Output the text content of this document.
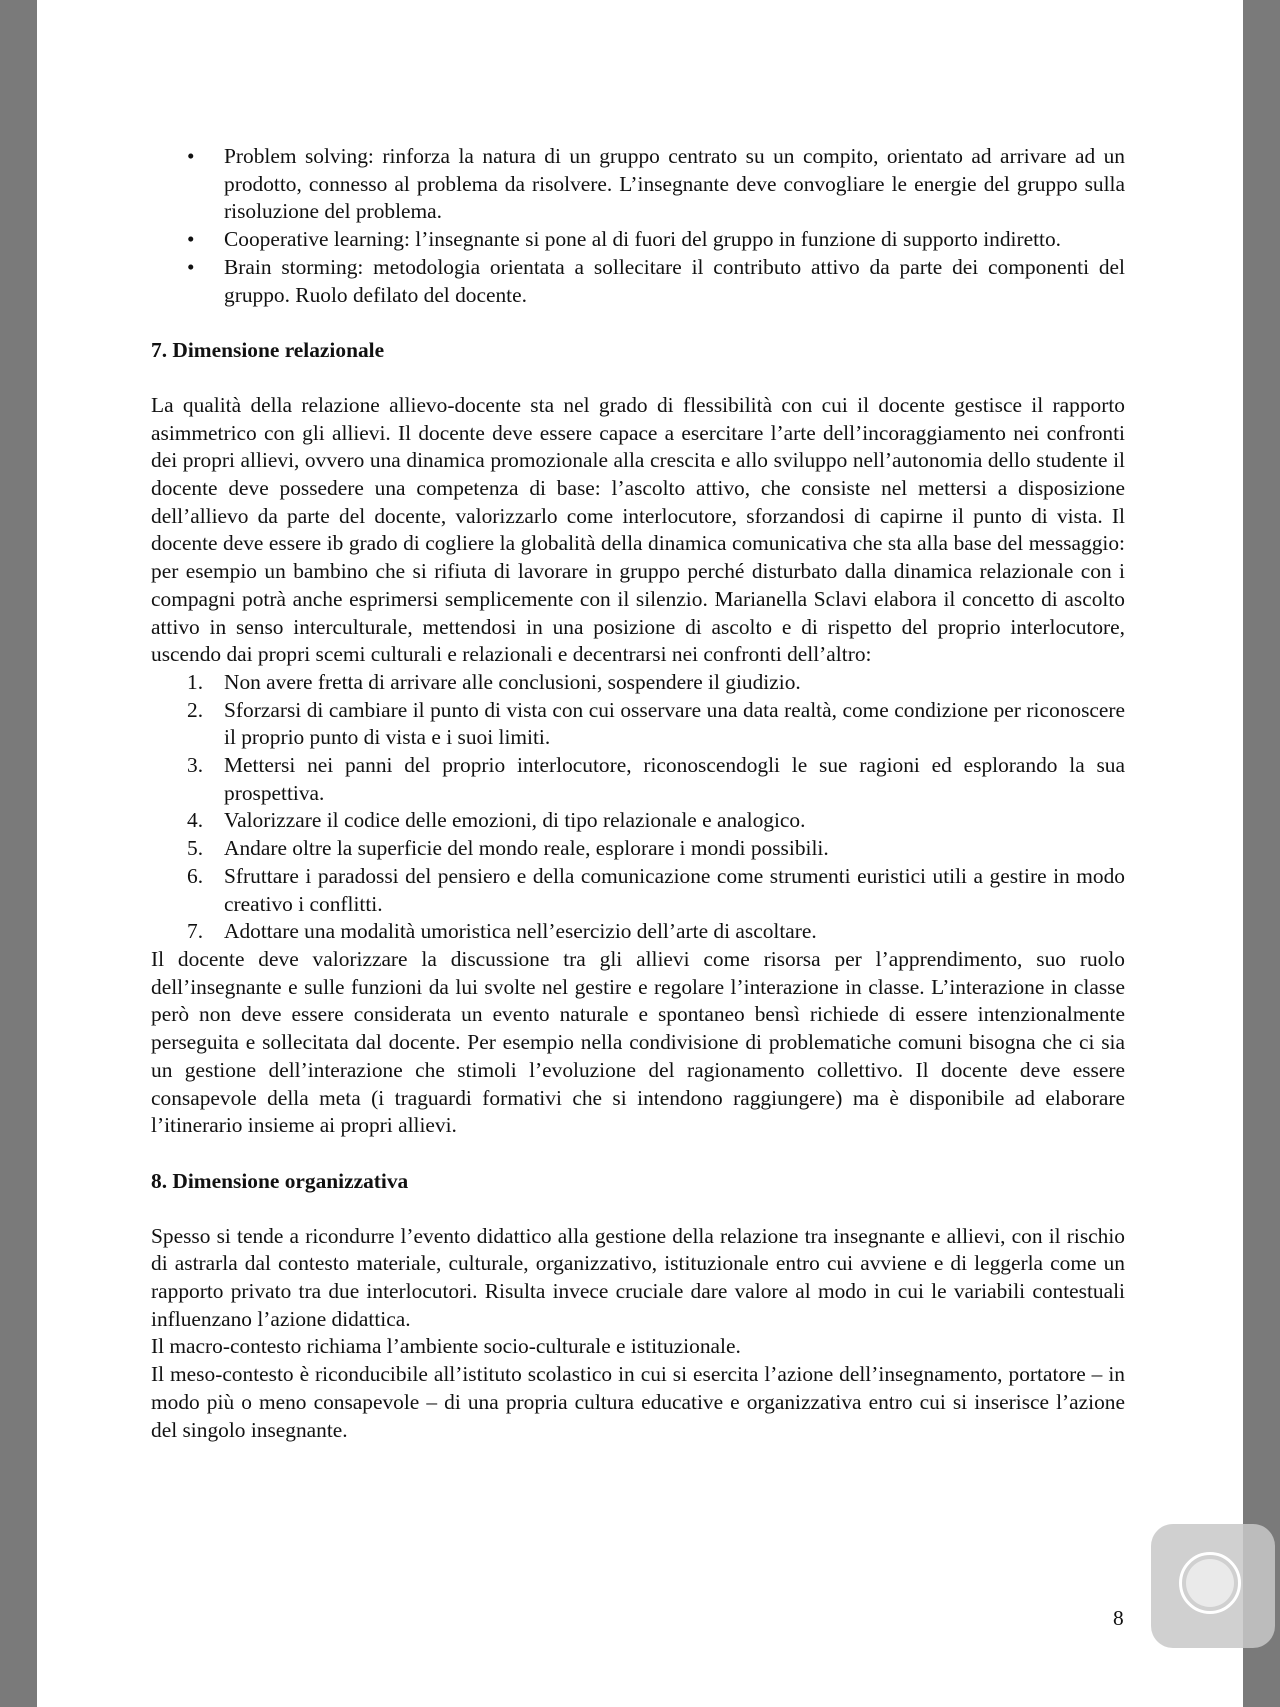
• Problem solving: rinforza la natura di un gruppo centrato su un compito, orientato ad arrivare ad un prodotto, connesso al problema da risolvere. L’insegnante deve convogliare le energie del gruppo sulla risoluzione del problema.
• Cooperative learning: l’insegnante si pone al di fuori del gruppo in funzione di supporto indiretto.
• Brain storming: metodologia orientata a sollecitare il contributo attivo da parte dei componenti del gruppo. Ruolo defilato del docente.
7. Dimensione relazionale

La qualità della relazione allievo-docente sta nel grado di flessibilità con cui il docente gestisce il rapporto asimmetrico con gli allievi. Il docente deve essere capace a esercitare l’arte dell’incoraggiamento nei confronti dei propri allievi, ovvero una dinamica promozionale alla crescita e allo sviluppo nell’autonomia dello studente il docente deve possedere una competenza di base: l’ascolto attivo, che consiste nel mettersi a disposizione dell’allievo da parte del docente, valorizzarlo come interlocutore, sforzandosi di capirne il punto di vista. Il docente deve essere ib grado di cogliere la globalità della dinamica comunicativa che sta alla base del messaggio: per esempio un bambino che si rifiuta di lavorare in gruppo perché disturbato dalla dinamica relazionale con i compagni potrà anche esprimersi semplicemente con il silenzio. Marianella Sclavi elabora il concetto di ascolto attivo in senso interculturale, mettendosi in una posizione di ascolto e di rispetto del proprio interlocutore, uscendo dai propri scemi culturali e relazionali e decentrarsi nei confronti dell’altro:

1. Non avere fretta di arrivare alle conclusioni, sospendere il giudizio.
2. Sforzarsi di cambiare il punto di vista con cui osservare una data realtà, come condizione per riconoscere il proprio punto di vista e i suoi limiti.
3. Mettersi nei panni del proprio interlocutore, riconoscendogli le sue ragioni ed esplorando la sua prospettiva.
4. Valorizzare il codice delle emozioni, di tipo relazionale e analogico.
5. Andare oltre la superficie del mondo reale, esplorare i mondi possibili.
6. Sfruttare i paradossi del pensiero e della comunicazione come strumenti euristici utili a gestire in modo creativo i conflitti.
7. Adottare una modalità umoristica nell’esercizio dell’arte di ascoltare.

Il docente deve valorizzare la discussione tra gli allievi come risorsa per l’apprendimento, suo ruolo dell’insegnante e sulle funzioni da lui svolte nel gestire e regolare l’interazione in classe. L’interazione in classe però non deve essere considerata un evento naturale e spontaneo bensì richiede di essere intenzionalmente perseguita e sollecitata dal docente. Per esempio nella condivisione di problematiche comuni bisogna che ci sia un gestione dell’interazione che stimoli l’evoluzione del ragionamento collettivo. Il docente deve essere consapevole della meta (i traguardi formativi che si intendono raggiungere) ma è disponibile ad elaborare l’itinerario insieme ai propri allievi.

8. Dimensione organizzativa

Spesso si tende a ricondurre l’evento didattico alla gestione della relazione tra insegnante e allievi, con il rischio di astrarla dal contesto materiale, culturale, organizzativo, istituzionale entro cui avviene e di leggerla come un rapporto privato tra due interlocutori. Risulta invece cruciale dare valore al modo in cui le variabili contestuali influenzano l’azione didattica.

Il macro-contesto richiama l’ambiente socio-culturale e istituzionale.

Il meso-contesto è riconducibile all’istituto scolastico in cui si esercita l’azione dell’insegnamento, portatore – in modo più o meno consapevole – di una propria cultura educative e organizzativa entro cui si inserisce l’azione del singolo insegnante.

8
